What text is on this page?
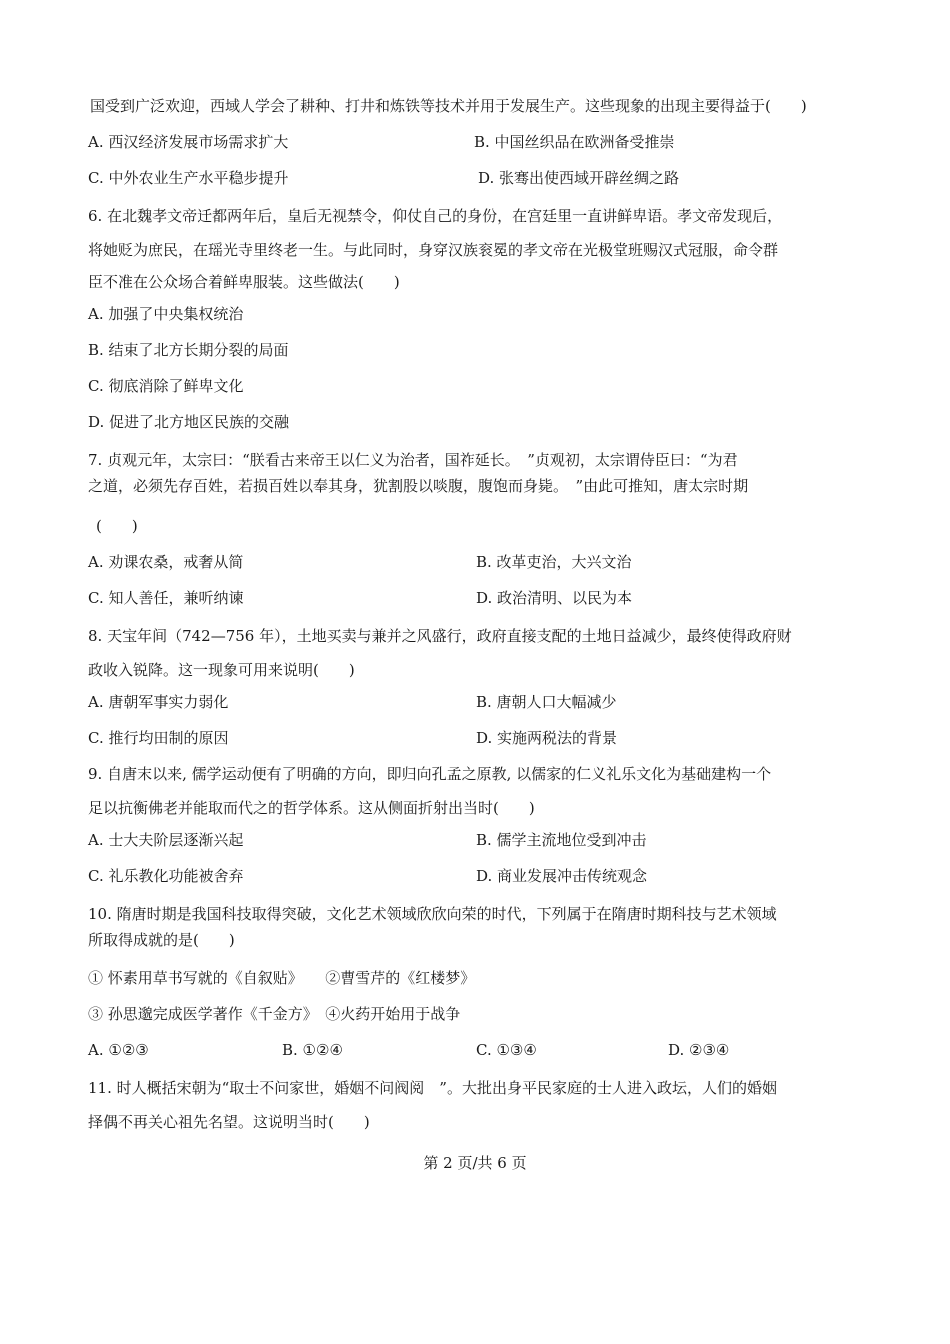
国受到广泛欢迎，西域人学会了耕种、打井和炼铁等技术并用于发展生产。这些现象的出现主要得益于(　　)
A. 西汉经济发展市场需求扩大	B. 中国丝织品在欧洲备受推崇
C. 中外农业生产水平稳步提升	D. 张骞出使西域开辟丝绸之路
6. 在北魏孝文帝迁都两年后，皇后无视禁令，仰仗自己的身份，在宫廷里一直讲鲜卑语。孝文帝发现后，
将她贬为庶民，在瑶光寺里终老一生。与此同时，身穿汉族衮冕的孝文帝在光极堂班赐汉式冠服，命令群
臣不准在公众场合着鲜卑服装。这些做法(　　)
A. 加强了中央集权统治
B. 结束了北方长期分裂的局面
C. 彻底消除了鲜卑文化
D. 促进了北方地区民族的交融
7. 贞观元年，太宗曰：“朕看古来帝王以仁义为治者，国祚延长。　”贞观初，太宗谓侍臣曰：“为君
之道，必须先存百姓，若损百姓以奉其身，犹割股以啖腹，腹饱而身毙。　”由此可推知，唐太宗时期
(　　)
A. 劝课农桑，戒奢从简	B. 改革吏治，大兴文治
C. 知人善任，兼听纳谏	D. 政治清明、以民为本
8. 天宝年间（742—756 年），土地买卖与兼并之风盛行，政府直接支配的土地日益减少，最终使得政府财
政收入锐降。这一现象可用来说明(　　)
A. 唐朝军事实力弱化	B. 唐朝人口大幅减少
C. 推行均田制的原因	D. 实施两税法的背景
9. 自唐末以来, 儒学运动便有了明确的方向，即归向孔孟之原教, 以儒家的仁义礼乐文化为基础建构一个
足以抗衡佛老并能取而代之的哲学体系。这从侧面折射出当时(　　)
A. 士大夫阶层逐渐兴起	B. 儒学主流地位受到冲击
C. 礼乐教化功能被舍弃	D. 商业发展冲击传统观念
10. 隋唐时期是我国科技取得突破，文化艺术领域欣欣向荣的时代，下列属于在隋唐时期科技与艺术领域
所取得成就的是(　　)
① 怀素用草书写就的《自叙贴》　　②曹雪芹的《红楼梦》
③ 孙思邈完成医学著作《千金方》　④火药开始用于战争
A. ①②③	B. ①②④	C. ①③④	D. ②③④
11. 时人概括宋朝为“取士不问家世，婚姻不问阀阅　”。大批出身平民家庭的士人进入政坛，人们的婚姻
择偶不再关心祖先名望。这说明当时(　　)
第 2 页/共 6 页
